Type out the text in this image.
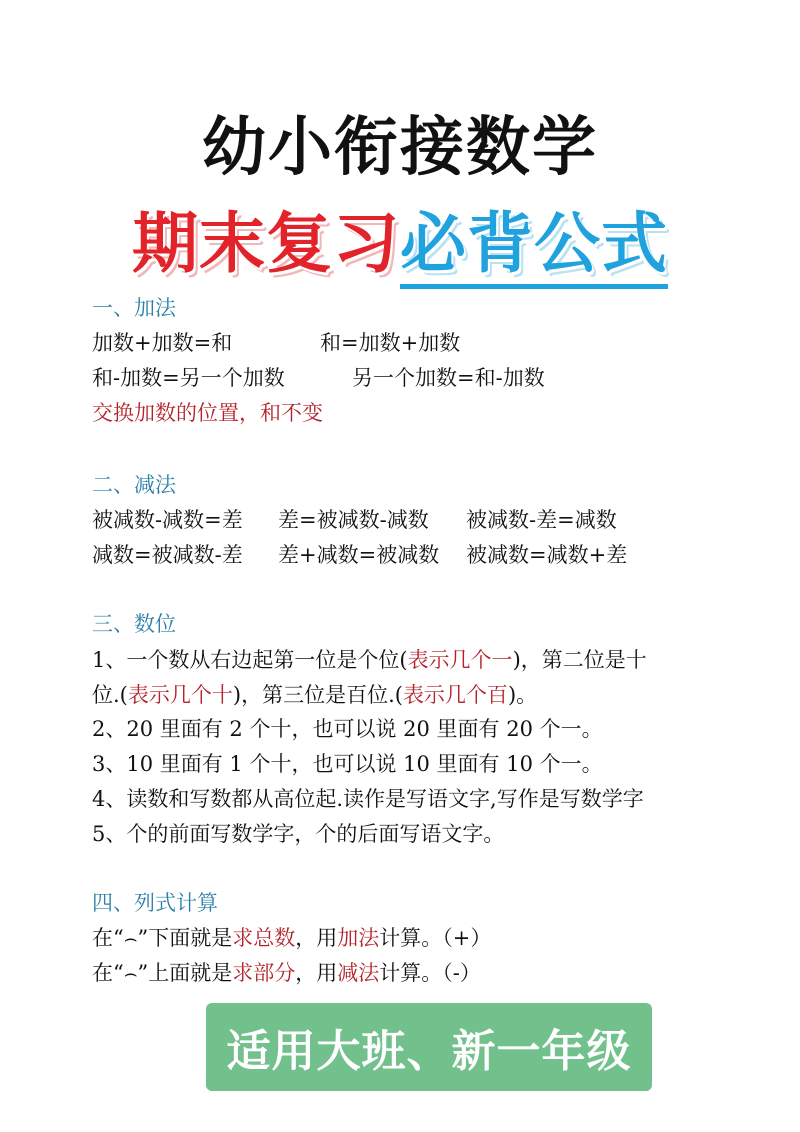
幼小衔接数学
期末复习必背公式
一、加法
加数+加数=和	和=加数+加数
和-加数=另一个加数	另一个加数=和-加数
交换加数的位置，和不变
二、减法
被减数-减数=差 差=被减数-减数 被减数-差=减数
减数=被减数-差 差+减数=被减数 被减数=减数+差
三、数位
1、一个数从右边起第一位是个位(表示几个一)，第二位是十
位.(表示几个十)，第三位是百位.(表示几个百)。
2、20 里面有 2 个十，也可以说 20 里面有 20 个一。
3、10 里面有 1 个十，也可以说 10 里面有 10 个一。
4、读数和写数都从高位起.读作是写语文字,写作是写数学字
5、个的前面写数学字，个的后面写语文字。
四、列式计算
在“⌢”下面就是求总数，用加法计算。（+）
在“⌢”上面就是求部分，用减法计算。（-）
适用大班、新一年级
